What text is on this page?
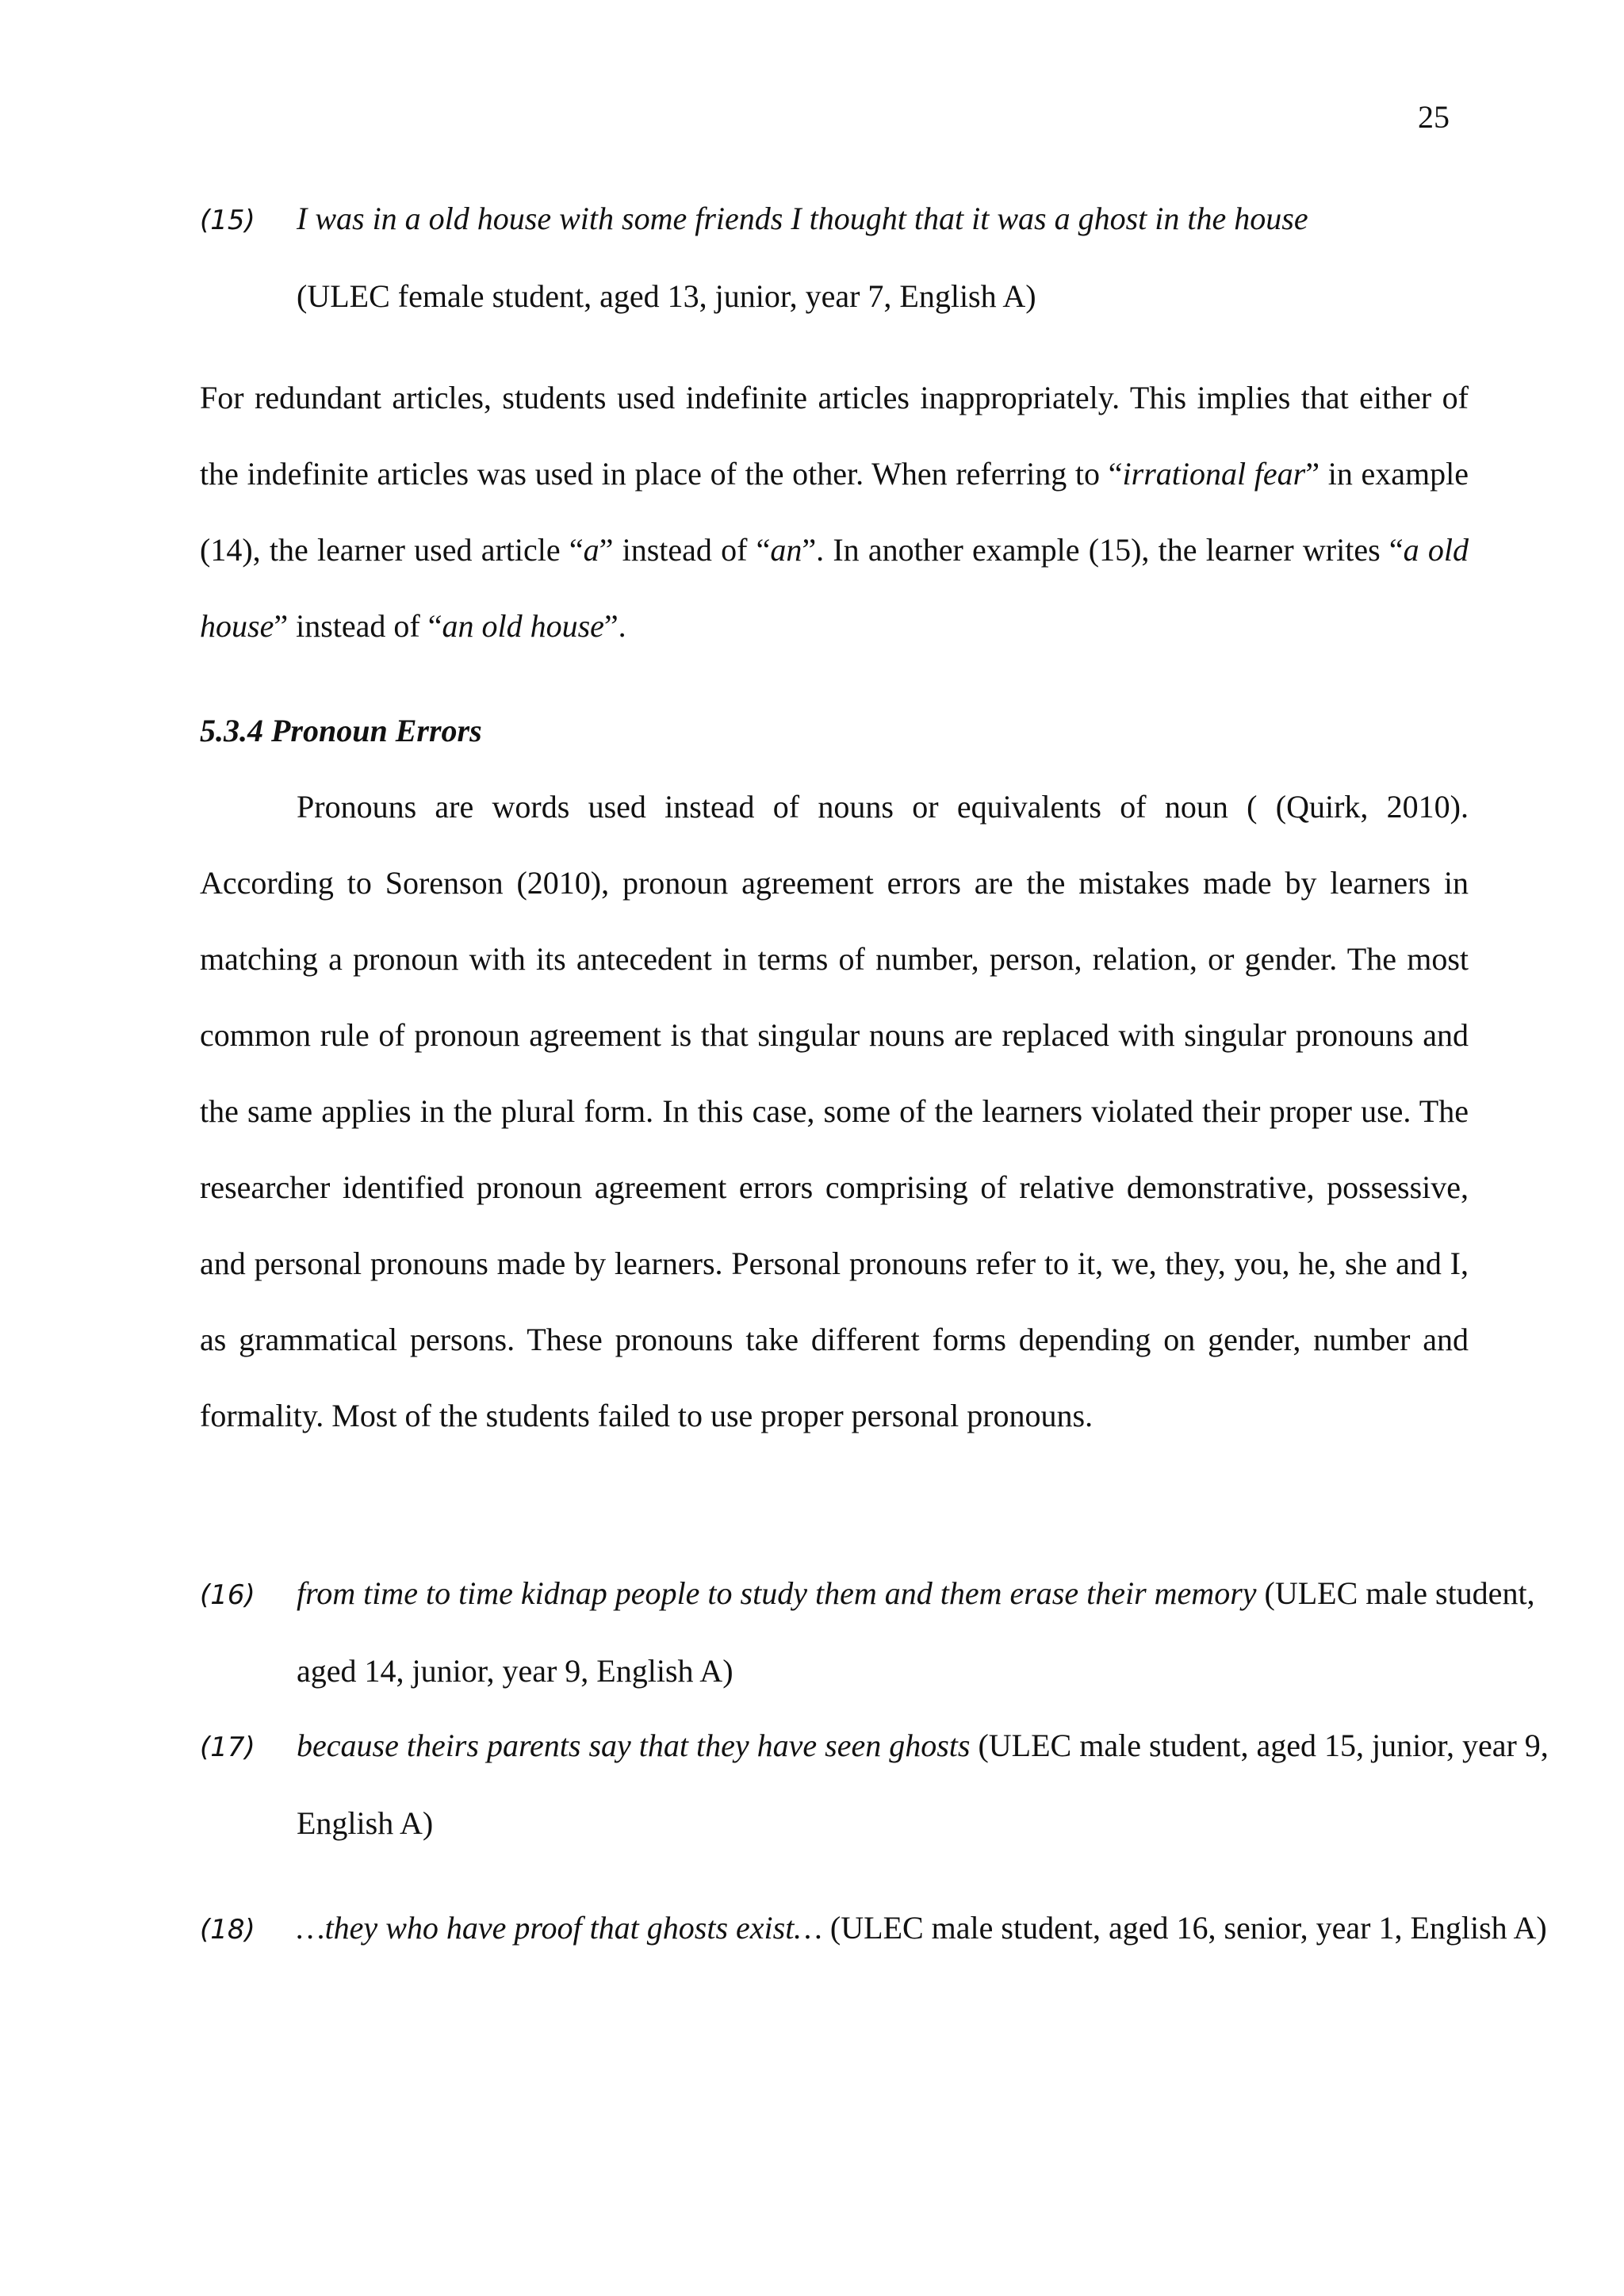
25
(15) I was in a old house with some friends I thought that it was a ghost in the house
(ULEC female student, aged 13, junior, year 7, English A)

For redundant articles, students used indefinite articles inappropriately. This implies that either of the indefinite articles was used in place of the other. When referring to “irrational fear” in example (14), the learner used article “a” instead of “an”. In another example (15), the learner writes “a old house” instead of “an old house”.

5.3.4 Pronoun Errors

Pronouns are words used instead of nouns or equivalents of noun ( (Quirk, 2010). According to Sorenson (2010), pronoun agreement errors are the mistakes made by learners in matching a pronoun with its antecedent in terms of number, person, relation, or gender. The most common rule of pronoun agreement is that singular nouns are replaced with singular pronouns and the same applies in the plural form. In this case, some of the learners violated their proper use. The researcher identified pronoun agreement errors comprising of relative demonstrative, possessive, and personal pronouns made by learners. Personal pronouns refer to it, we, they, you, he, she and I, as grammatical persons. These pronouns take different forms depending on gender, number and formality. Most of the students failed to use proper personal pronouns.

(16) from time to time kidnap people to study them and them erase their memory (ULEC male student, aged 14, junior, year 9, English A)
(17) because theirs parents say that they have seen ghosts (ULEC male student, aged 15, junior, year 9, English A)
(18) …they who have proof that ghosts exist… (ULEC male student, aged 16, senior, year 1, English A)
